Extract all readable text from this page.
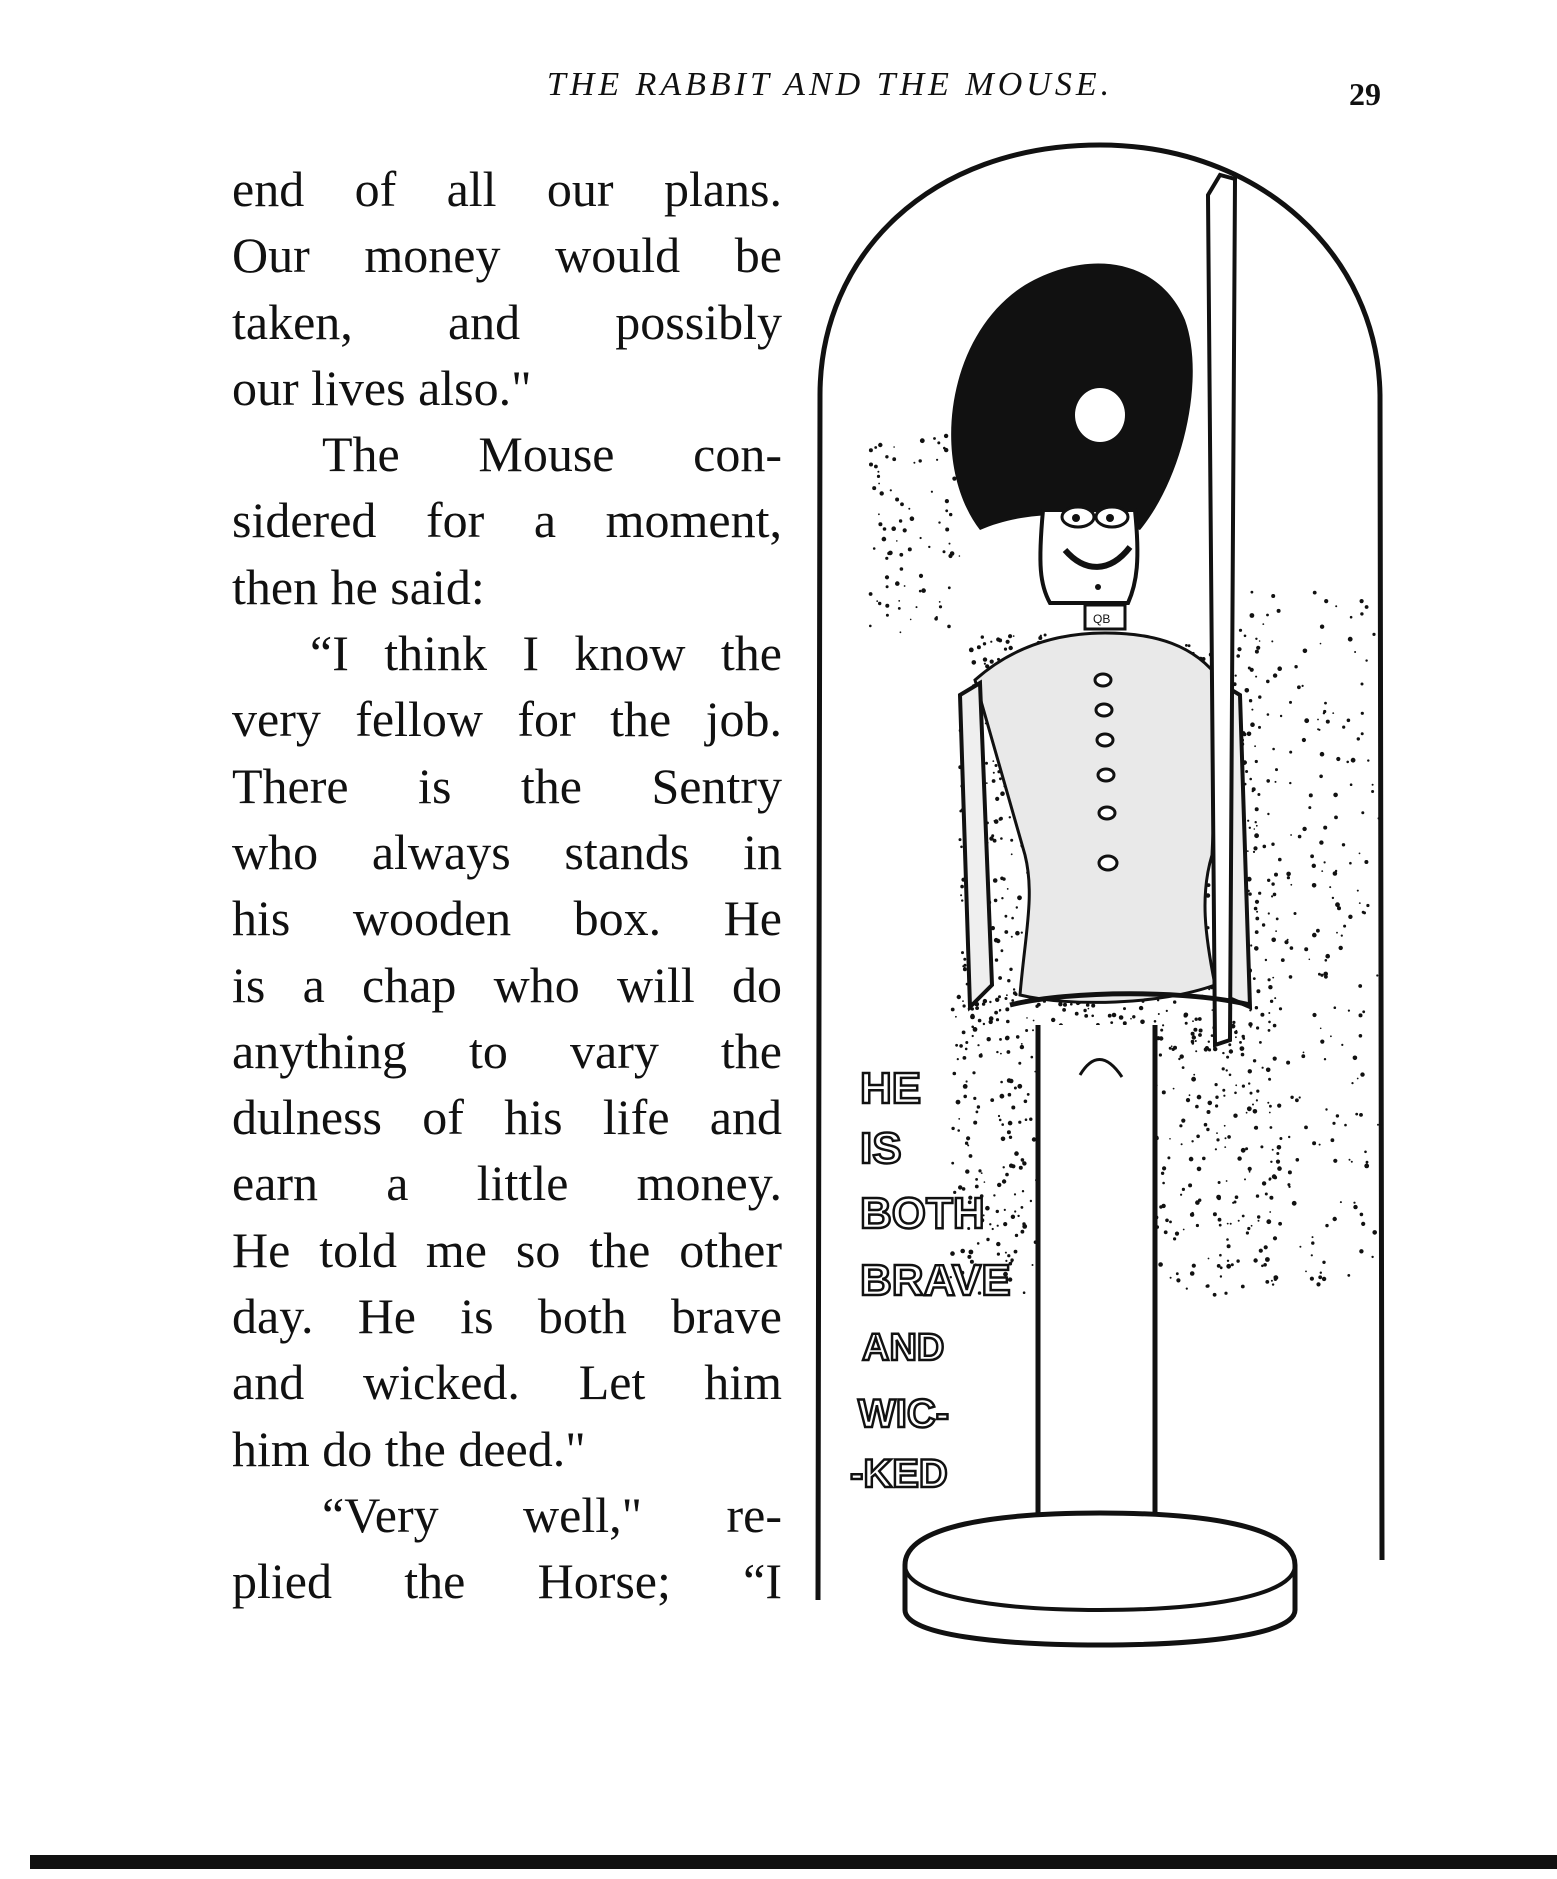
THE RABBIT AND THE MOUSE.	29
end of all our plans.
Our money would be
taken, and possibly
our lives also."
The Mouse con-
sidered for a moment,
then he said:
“I think I know the
very fellow for the job.
There is the Sentry
who always stands in
his wooden box. He
is a chap who will do
anything to vary the
dulness of his life and
earn a little money.
He told me so the other
day. He is both brave
and wicked. Let him
him do the deed."
“Very well," re-
plied the Horse; “I
QB
HE
IS
BOTH
BRAVE
AND
WIC-
-KED
